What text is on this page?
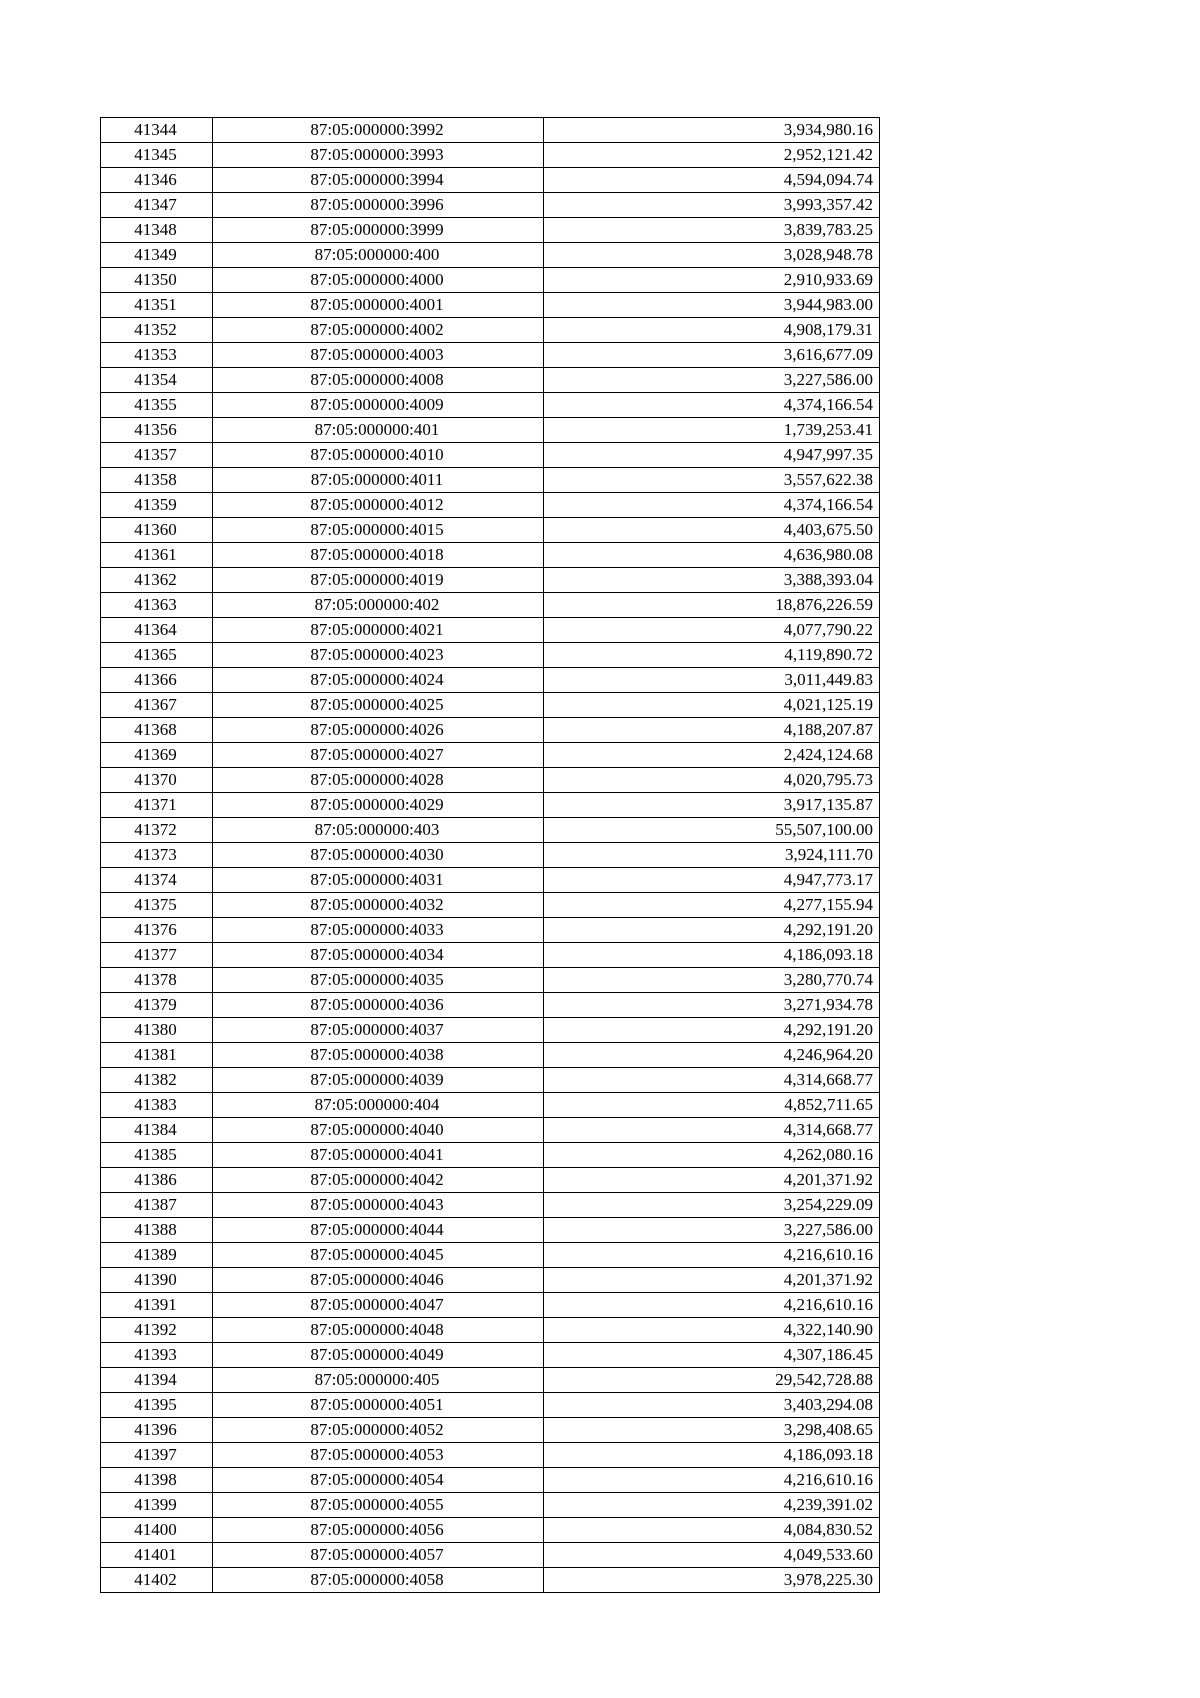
41344	87:05:000000:3992	3,934,980.16
41345	87:05:000000:3993	2,952,121.42
41346	87:05:000000:3994	4,594,094.74
41347	87:05:000000:3996	3,993,357.42
41348	87:05:000000:3999	3,839,783.25
41349	87:05:000000:400	3,028,948.78
41350	87:05:000000:4000	2,910,933.69
41351	87:05:000000:4001	3,944,983.00
41352	87:05:000000:4002	4,908,179.31
41353	87:05:000000:4003	3,616,677.09
41354	87:05:000000:4008	3,227,586.00
41355	87:05:000000:4009	4,374,166.54
41356	87:05:000000:401	1,739,253.41
41357	87:05:000000:4010	4,947,997.35
41358	87:05:000000:4011	3,557,622.38
41359	87:05:000000:4012	4,374,166.54
41360	87:05:000000:4015	4,403,675.50
41361	87:05:000000:4018	4,636,980.08
41362	87:05:000000:4019	3,388,393.04
41363	87:05:000000:402	18,876,226.59
41364	87:05:000000:4021	4,077,790.22
41365	87:05:000000:4023	4,119,890.72
41366	87:05:000000:4024	3,011,449.83
41367	87:05:000000:4025	4,021,125.19
41368	87:05:000000:4026	4,188,207.87
41369	87:05:000000:4027	2,424,124.68
41370	87:05:000000:4028	4,020,795.73
41371	87:05:000000:4029	3,917,135.87
41372	87:05:000000:403	55,507,100.00
41373	87:05:000000:4030	3,924,111.70
41374	87:05:000000:4031	4,947,773.17
41375	87:05:000000:4032	4,277,155.94
41376	87:05:000000:4033	4,292,191.20
41377	87:05:000000:4034	4,186,093.18
41378	87:05:000000:4035	3,280,770.74
41379	87:05:000000:4036	3,271,934.78
41380	87:05:000000:4037	4,292,191.20
41381	87:05:000000:4038	4,246,964.20
41382	87:05:000000:4039	4,314,668.77
41383	87:05:000000:404	4,852,711.65
41384	87:05:000000:4040	4,314,668.77
41385	87:05:000000:4041	4,262,080.16
41386	87:05:000000:4042	4,201,371.92
41387	87:05:000000:4043	3,254,229.09
41388	87:05:000000:4044	3,227,586.00
41389	87:05:000000:4045	4,216,610.16
41390	87:05:000000:4046	4,201,371.92
41391	87:05:000000:4047	4,216,610.16
41392	87:05:000000:4048	4,322,140.90
41393	87:05:000000:4049	4,307,186.45
41394	87:05:000000:405	29,542,728.88
41395	87:05:000000:4051	3,403,294.08
41396	87:05:000000:4052	3,298,408.65
41397	87:05:000000:4053	4,186,093.18
41398	87:05:000000:4054	4,216,610.16
41399	87:05:000000:4055	4,239,391.02
41400	87:05:000000:4056	4,084,830.52
41401	87:05:000000:4057	4,049,533.60
41402	87:05:000000:4058	3,978,225.30
